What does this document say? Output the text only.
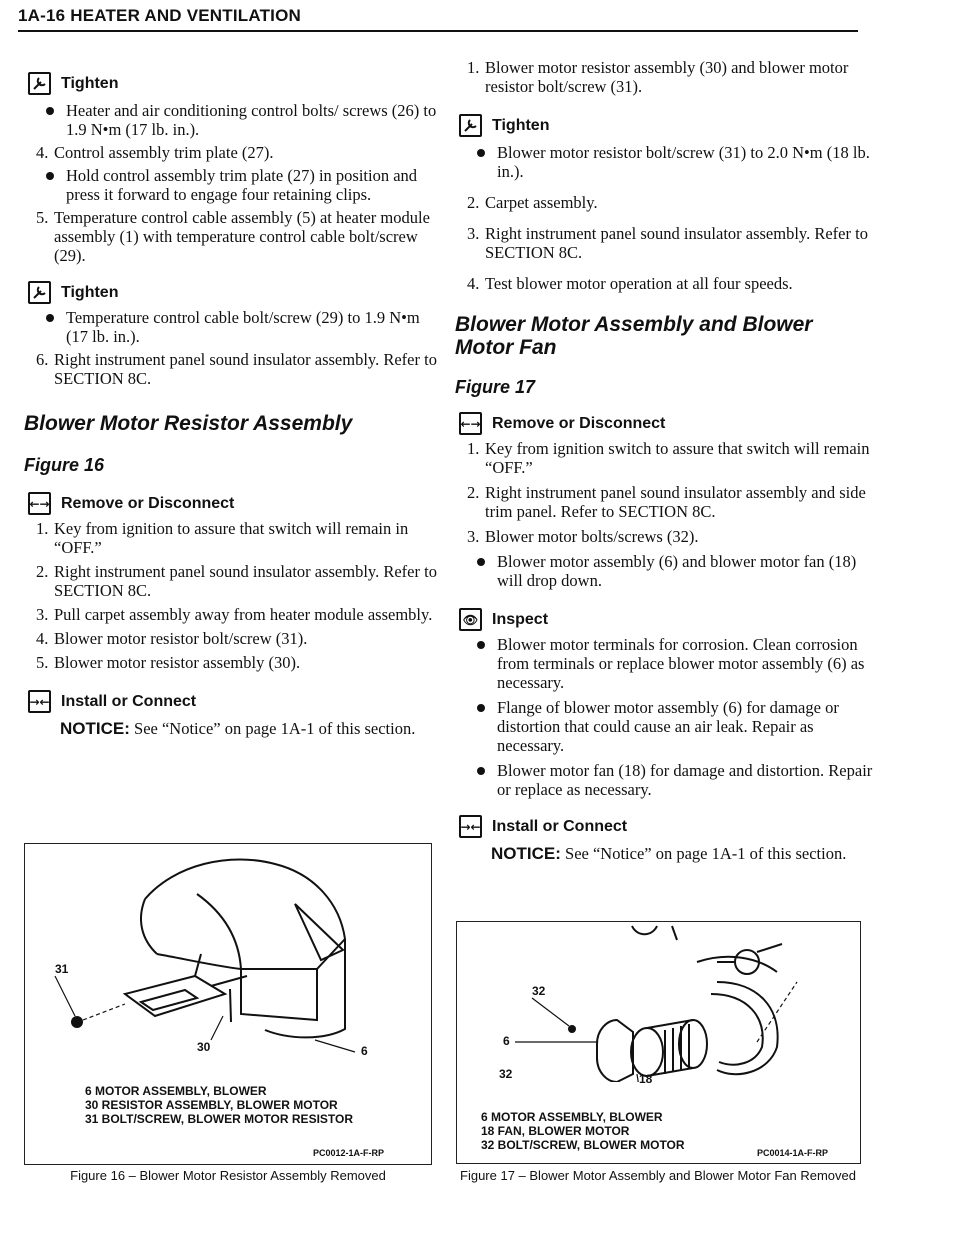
1A-16 HEATER AND VENTILATION
Tighten

Heater and air conditioning control bolts/ screws (26) to 1.9 N•m (17 lb. in.).

4. Control assembly trim plate (27).

Hold control assembly trim plate (27) in position and press it forward to engage four retaining clips.

5. Temperature control cable assembly (5) at heater module assembly (1) with temperature control cable bolt/screw (29).

Tighten

Temperature control cable bolt/screw (29) to 1.9 N•m (17 lb. in.).

6. Right instrument panel sound insulator assembly. Refer to SECTION 8C.

Blower Motor Resistor Assembly
Figure 16
←→ Remove or Disconnect

1. Key from ignition to assure that switch will remain in “OFF.”

2. Right instrument panel sound insulator assembly. Refer to SECTION 8C.

3. Pull carpet assembly away from heater module assembly.

4. Blower motor resistor bolt/screw (31).

5. Blower motor resistor assembly (30).

→← Install or Connect

NOTICE: See “Notice” on page 1A-1 of this section.

31
30	6
6 MOTOR ASSEMBLY, BLOWER
30 RESISTOR ASSEMBLY, BLOWER MOTOR
31 BOLT/SCREW, BLOWER MOTOR RESISTOR
PC0012-1A-F-RP
Figure 16 – Blower Motor Resistor Assembly Removed

1. Blower motor resistor assembly (30) and blower motor resistor bolt/screw (31).

Tighten

Blower motor resistor bolt/screw (31) to 2.0 N•m (18 lb. in.).

2. Carpet assembly.

3. Right instrument panel sound insulator assembly. Refer to SECTION 8C.

4. Test blower motor operation at all four speeds.

Blower Motor Assembly and Blower Motor Fan
Figure 17
←→ Remove or Disconnect

1. Key from ignition switch to assure that switch will remain “OFF.”

2. Right instrument panel sound insulator assembly and side trim panel. Refer to SECTION 8C.

3. Blower motor bolts/screws (32).

Blower motor assembly (6) and blower motor fan (18) will drop down.

👁 Inspect

Blower motor terminals for corrosion. Clean corrosion from terminals or replace blower motor assembly (6) as necessary.

Flange of blower motor assembly (6) for damage or distortion that could cause an air leak. Repair as necessary.

Blower motor fan (18) for damage and distortion. Repair or replace as necessary.

→← Install or Connect

NOTICE: See “Notice” on page 1A-1 of this section.

32
6
32	18
6 MOTOR ASSEMBLY, BLOWER
18 FAN, BLOWER MOTOR
32 BOLT/SCREW, BLOWER MOTOR
PC0014-1A-F-RP
Figure 17 – Blower Motor Assembly and Blower Motor Fan Removed
